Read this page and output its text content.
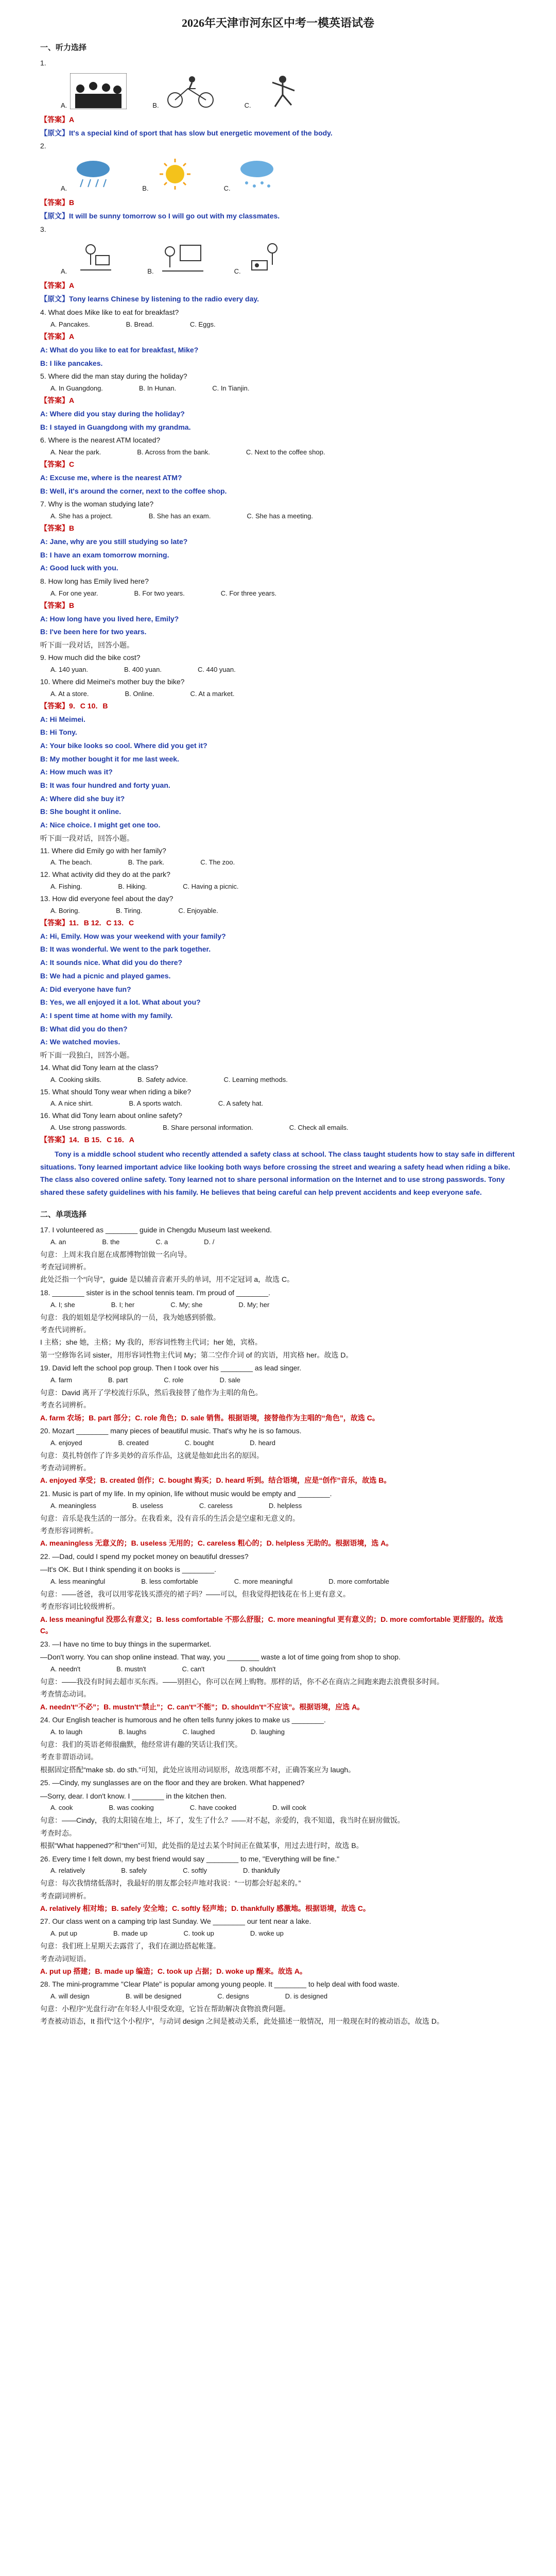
2026年天津市河东区中考一模英语试卷
一、听力选择
1.
A.	B.	C.
【答案】A
【原文】It's a special kind of sport that has slow but energetic movement of the body.
2.
A.	B.	C.
【答案】B
【原文】It will be sunny tomorrow so I will go out with my classmates.
3.
A.	B.	C.
【答案】A
【原文】Tony learns Chinese by listening to the radio every day.
4. What does Mike like to eat for breakfast?
A. Pancakes.	B. Bread.	C. Eggs.
【答案】A
A: What do you like to eat for breakfast, Mike?
B: I like pancakes.
5. Where did the man stay during the holiday?
A. In Guangdong.	B. In Hunan.	C. In Tianjin.
【答案】A
A: Where did you stay during the holiday?
B: I stayed in Guangdong with my grandma.
6. Where is the nearest ATM located?
A. Near the park.	B. Across from the bank.	C. Next to the coffee shop.
【答案】C
A: Excuse me, where is the nearest ATM?
B: Well, it's around the corner, next to the coffee shop.
7. Why is the woman studying late?
A. She has a project.	B. She has an exam.	C. She has a meeting.
【答案】B
A: Jane, why are you still studying so late?
B: I have an exam tomorrow morning.
A: Good luck with you.
8. How long has Emily lived here?
A. For one year.	B. For two years.	C. For three years.
【答案】B
A: How long have you lived here, Emily?
B: I've been here for two years.
听下面一段对话，回答小题。
9. How much did the bike cost?
A. 140 yuan.	B. 400 yuan.	C. 440 yuan.
10. Where did Meimei's mother buy the bike?
A. At a store.	B. Online.	C. At a market.
【答案】9．C 10．B
A: Hi Meimei.
B: Hi Tony.
A: Your bike looks so cool. Where did you get it?
B: My mother bought it for me last week.
A: How much was it?
B: It was four hundred and forty yuan.
A: Where did she buy it?
B: She bought it online.
A: Nice choice. I might get one too.
听下面一段对话，回答小题。
11. Where did Emily go with her family?
A. The beach.	B. The park.	C. The zoo.
12. What activity did they do at the park?
A. Fishing.	B. Hiking.	C. Having a picnic.
13. How did everyone feel about the day?
A. Boring.	B. Tiring.	C. Enjoyable.
【答案】11．B 12．C 13．C
A: Hi, Emily. How was your weekend with your family?
B: It was wonderful. We went to the park together.
A: It sounds nice. What did you do there?
B: We had a picnic and played games.
A: Did everyone have fun?
B: Yes, we all enjoyed it a lot. What about you?
A: I spent time at home with my family.
B: What did you do then?
A: We watched movies.
听下面一段独白，回答小题。
14. What did Tony learn at the class?
A. Cooking skills.	B. Safety advice.	C. Learning methods.
15. What should Tony wear when riding a bike?
A. A nice shirt.	B. A sports watch.	C. A safety hat.
16. What did Tony learn about online safety?
A. Use strong passwords.	B. Share personal information.	C. Check all emails.
【答案】14．B 15．C 16．A
Tony is a middle school student who recently attended a safety class at school. The class taught students how to stay safe in different situations. Tony learned important advice like looking both ways before crossing the street and wearing a safety head when riding a bike. The class also covered online safety. Tony learned not to share personal information on the Internet and to use strong passwords. Tony shared these safety guidelines with his family. He believes that being careful can help prevent accidents and keep everyone safe.
二、单项选择
17. I volunteered as ________ guide in Chengdu Museum last weekend.
A. an	B. the	C. a	D. /
句意：上周末我自愿在成都博物馆做一名向导。
考查冠词辨析。
此处泛指一个“向导”，guide 是以辅音音素开头的单词，用不定冠词 a，故选 C。
18. ________ sister is in the school tennis team. I'm proud of ________.
A. I; she	B. I; her	C. My; she	D. My; her
句意：我的姐姐是学校网球队的一员，我为她感到骄傲。
考查代词辨析。
I 主格；she 她，主格；My 我的，形容词性物主代词；her 她，宾格。
第一空修饰名词 sister，用形容词性物主代词 My；第二空作介词 of 的宾语，用宾格 her。故选 D。
19. David left the school pop group. Then I took over his ________ as lead singer.
A. farm	B. part	C. role	D. sale
句意：David 离开了学校流行乐队，然后我接替了他作为主唱的角色。
考查名词辨析。
A. farm 农场；B. part 部分；C. role 角色；D. sale 销售。根据语境，接替他作为主唱的“角色”，故选 C。
20. Mozart ________ many pieces of beautiful music. That's why he is so famous.
A. enjoyed	B. created	C. bought	D. heard
句意：莫扎特创作了许多美妙的音乐作品，这就是他如此出名的原因。
考查动词辨析。
A. enjoyed 享受；B. created 创作；C. bought 购买；D. heard 听到。结合语境，应是“创作”音乐，故选 B。
21. Music is part of my life. In my opinion, life without music would be empty and ________.
A. meaningless	B. useless	C. careless	D. helpless
句意：音乐是我生活的一部分。在我看来，没有音乐的生活会是空虚和无意义的。
考查形容词辨析。
A. meaningless 无意义的；B. useless 无用的；C. careless 粗心的；D. helpless 无助的。根据语境，选 A。
22. —Dad, could I spend my pocket money on beautiful dresses?
—It's OK. But I think spending it on books is ________.
A. less meaningful	B. less comfortable	C. more meaningful	D. more comfortable
句意：——爸爸，我可以用零花钱买漂亮的裙子吗？——可以，但我觉得把钱花在书上更有意义。
考查形容词比较级辨析。
A. less meaningful 没那么有意义；B. less comfortable 不那么舒服；C. more meaningful 更有意义的；D. more comfortable 更舒服的。故选 C。
23. —I have no time to buy things in the supermarket.
—Don't worry. You can shop online instead. That way, you ________ waste a lot of time going from shop to shop.
A. needn't	B. mustn't	C. can't	D. shouldn't
句意：——我没有时间去超市买东西。——别担心，你可以在网上购物。那样的话，你不必在商店之间跑来跑去浪费很多时间。
考查情态动词。
A. needn't“不必”；B. mustn't“禁止”；C. can't“不能”；D. shouldn't“不应该”。根据语境，应选 A。
24. Our English teacher is humorous and he often tells funny jokes to make us ________.
A. to laugh	B. laughs	C. laughed	D. laughing
句意：我们的英语老师很幽默，他经常讲有趣的笑话让我们笑。
考查非谓语动词。
根据固定搭配“make sb. do sth.”可知，此处应该用动词原形，故选项都不对，正确答案应为 laugh。
25. —Cindy, my sunglasses are on the floor and they are broken. What happened?
—Sorry, dear. I don't know. I ________ in the kitchen then.
A. cook	B. was cooking	C. have cooked	D. will cook
句意：——Cindy，我的太阳镜在地上，坏了，发生了什么？——对不起，亲爱的，我不知道，我当时在厨房做饭。
考查时态。
根据“What happened?”和“then”可知，此处指的是过去某个时间正在做某事，用过去进行时，故选 B。
26. Every time I felt down, my best friend would say ________ to me, "Everything will be fine."
A. relatively	B. safely	C. softly	D. thankfully
句意：每次我情绪低落时，我最好的朋友都会轻声地对我说：“一切都会好起来的。”
考查副词辨析。
A. relatively 相对地；B. safely 安全地；C. softly 轻声地；D. thankfully 感激地。根据语境，故选 C。
27. Our class went on a camping trip last Sunday. We ________ our tent near a lake.
A. put up	B. made up	C. took up	D. woke up
句意：我们班上星期天去露营了，我们在湖边搭起帐篷。
考查动词短语。
A. put up 搭建；B. made up 编造；C. took up 占据；D. woke up 醒来。故选 A。
28. The mini-programme "Clear Plate" is popular among young people. It ________ to help deal with food waste.
A. will design	B. will be designed	C. designs	D. is designed
句意：小程序“光盘行动”在年轻人中很受欢迎，它旨在帮助解决食物浪费问题。
考查被动语态，It 指代“这个小程序”，与动词 design 之间是被动关系，此处描述一般情况，用一般现在时的被动语态，故选 D。
